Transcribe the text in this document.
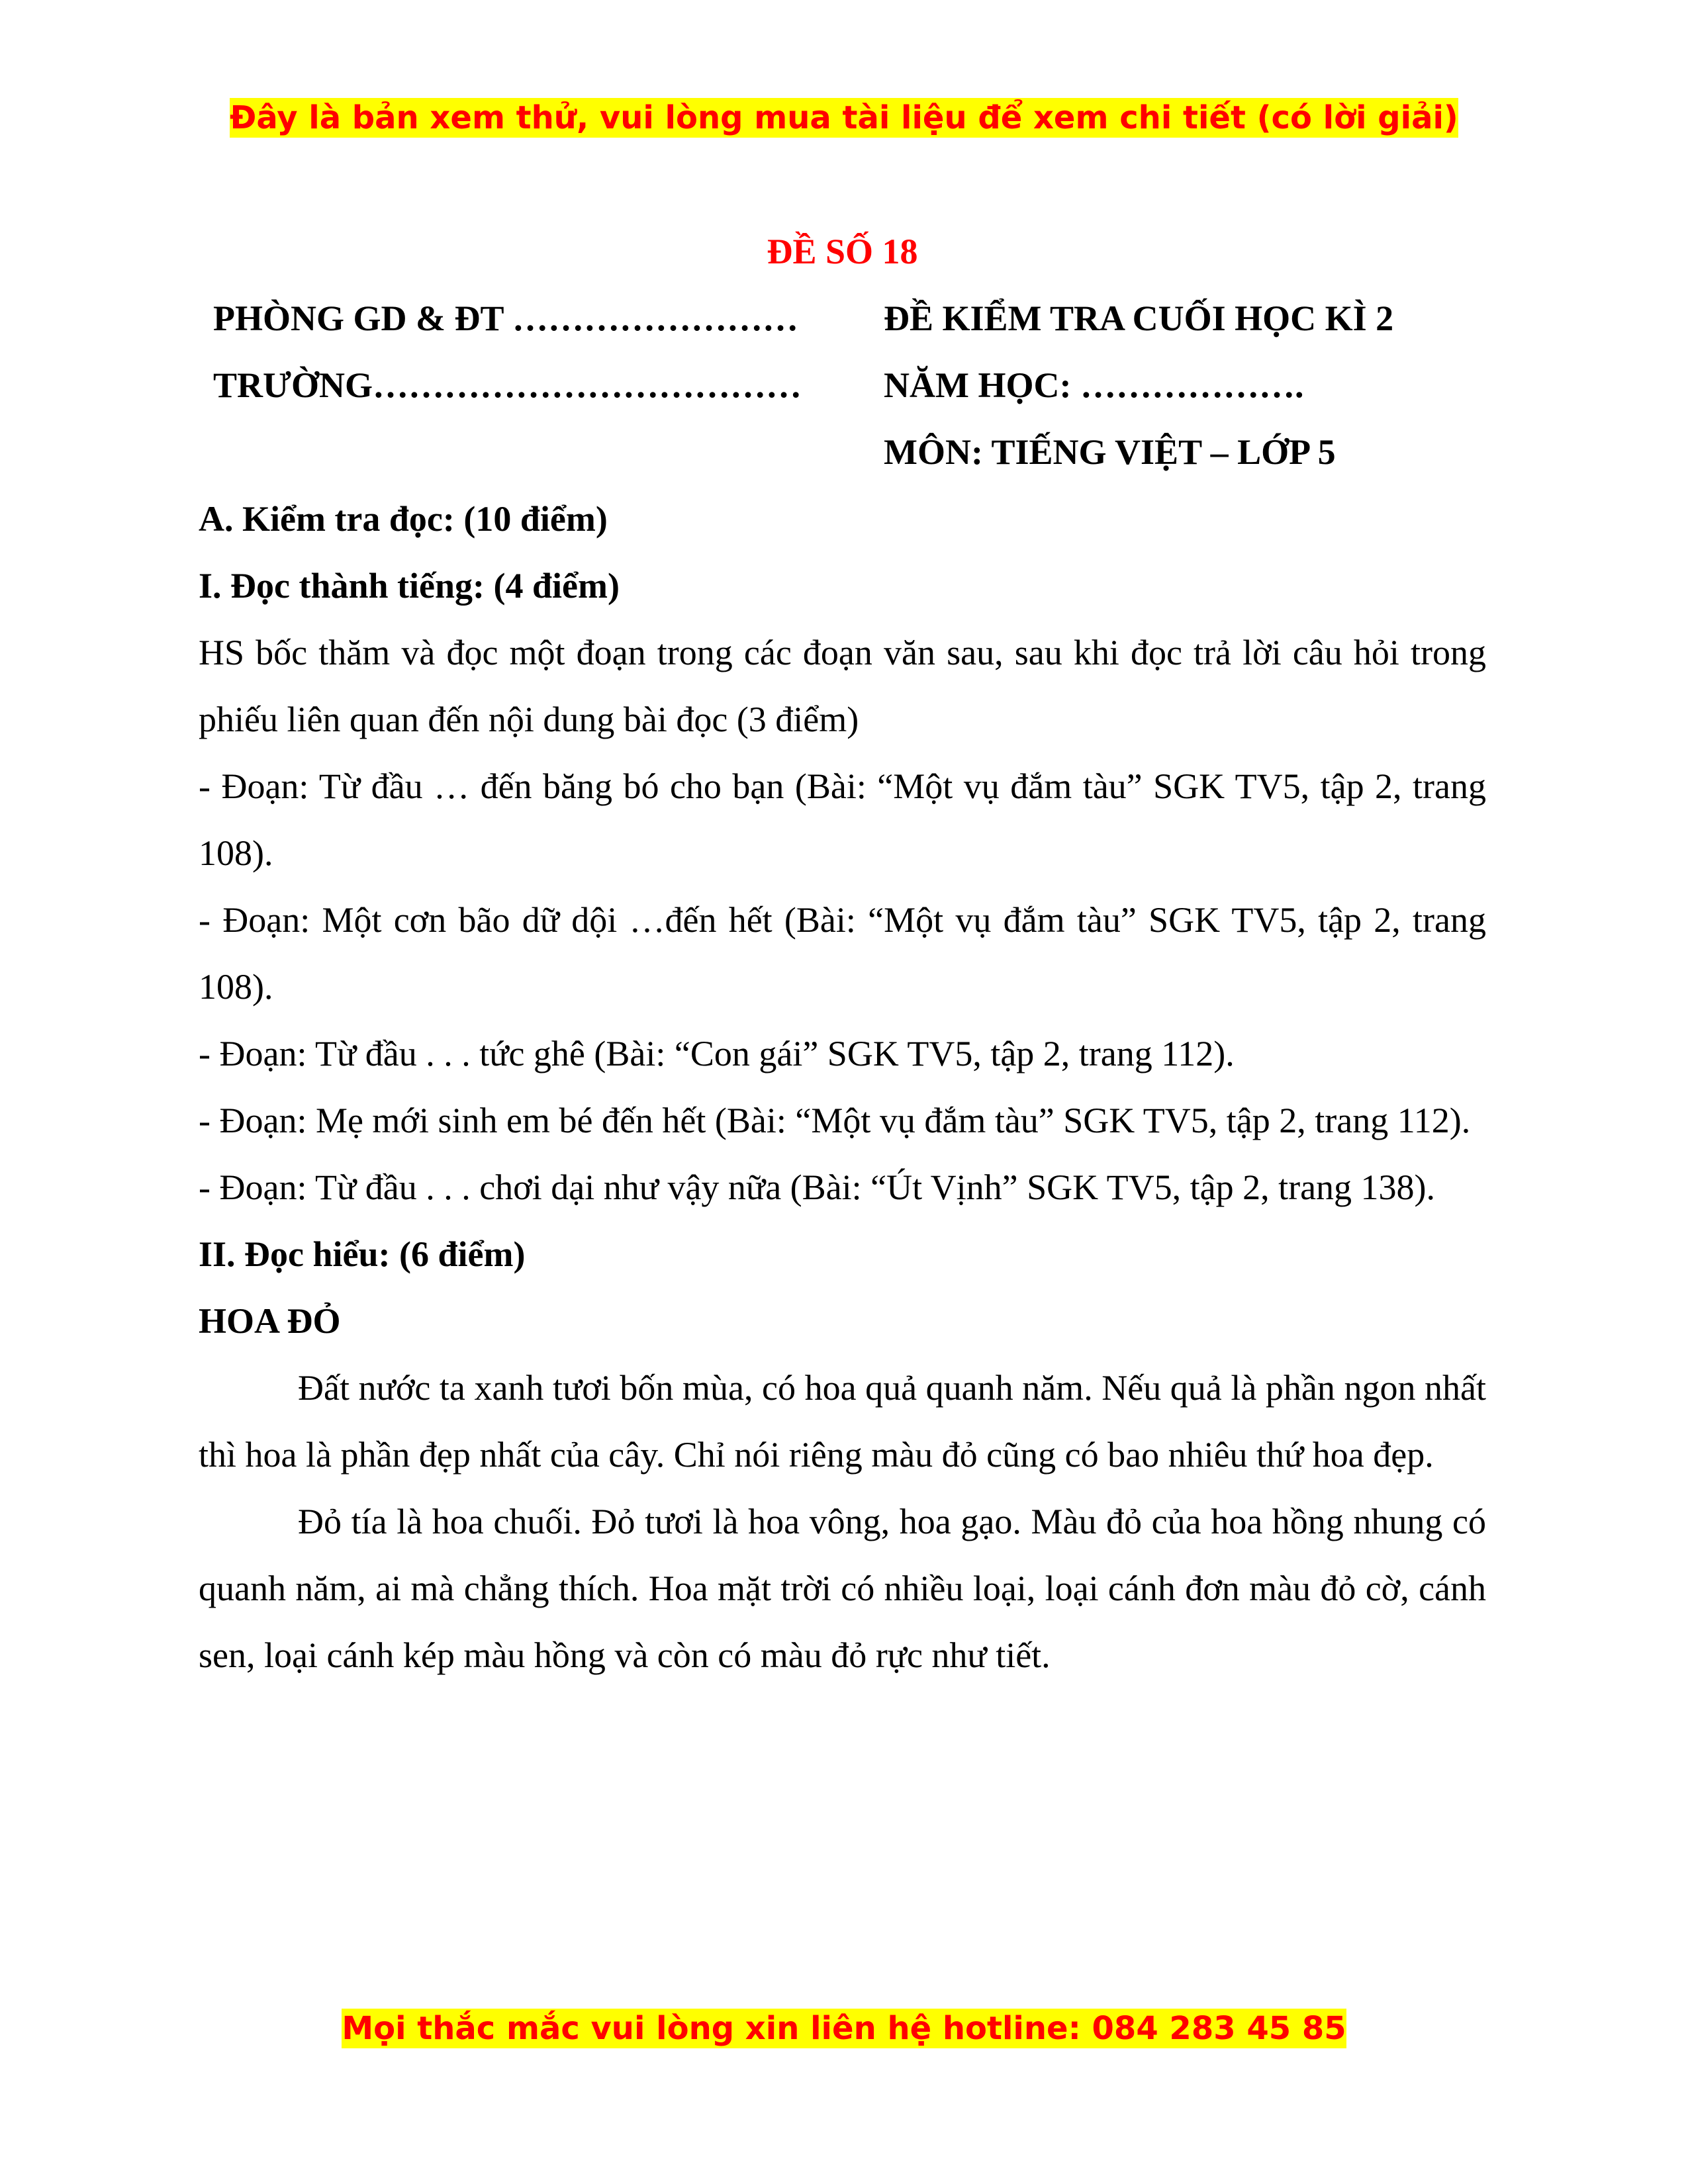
Đây là bản xem thử, vui lòng mua tài liệu để xem chi tiết (có lời giải)
ĐỀ SỐ 18
PHÒNG GD & ĐT ……………………	ĐỀ KIỂM TRA CUỐI HỌC KÌ 2
TRƯỜNG………………………………	NĂM HỌC: ……………….
MÔN: TIẾNG VIỆT – LỚP 5

A. Kiểm tra đọc: (10 điểm)

I. Đọc thành tiếng: (4 điểm)

HS bốc thăm và đọc một đoạn trong các đoạn văn sau, sau khi đọc trả lời câu hỏi trong phiếu liên quan đến nội dung bài đọc (3 điểm)

- Đoạn: Từ đầu … đến băng bó cho bạn (Bài: “Một vụ đắm tàu” SGK TV5, tập 2, trang 108).

- Đoạn: Một cơn bão dữ dội …đến hết (Bài: “Một vụ đắm tàu” SGK TV5, tập 2, trang 108).

- Đoạn: Từ đầu . . . tức ghê (Bài: “Con gái” SGK TV5, tập 2, trang 112).

- Đoạn: Mẹ mới sinh em bé đến hết (Bài: “Một vụ đắm tàu” SGK TV5, tập 2, trang 112).

- Đoạn: Từ đầu . . . chơi dại như vậy nữa (Bài: “Út Vịnh” SGK TV5, tập 2, trang 138).

II. Đọc hiểu: (6 điểm)

HOA ĐỎ

Đất nước ta xanh tươi bốn mùa, có hoa quả quanh năm. Nếu quả là phần ngon nhất thì hoa là phần đẹp nhất của cây. Chỉ nói riêng màu đỏ cũng có bao nhiêu thứ hoa đẹp.

Đỏ tía là hoa chuối. Đỏ tươi là hoa vông, hoa gạo. Màu đỏ của hoa hồng nhung có quanh năm, ai mà chẳng thích. Hoa mặt trời có nhiều loại, loại cánh đơn màu đỏ cờ, cánh sen, loại cánh kép màu hồng và còn có màu đỏ rực như tiết.

Mọi thắc mắc vui lòng xin liên hệ hotline: 084 283 45 85
